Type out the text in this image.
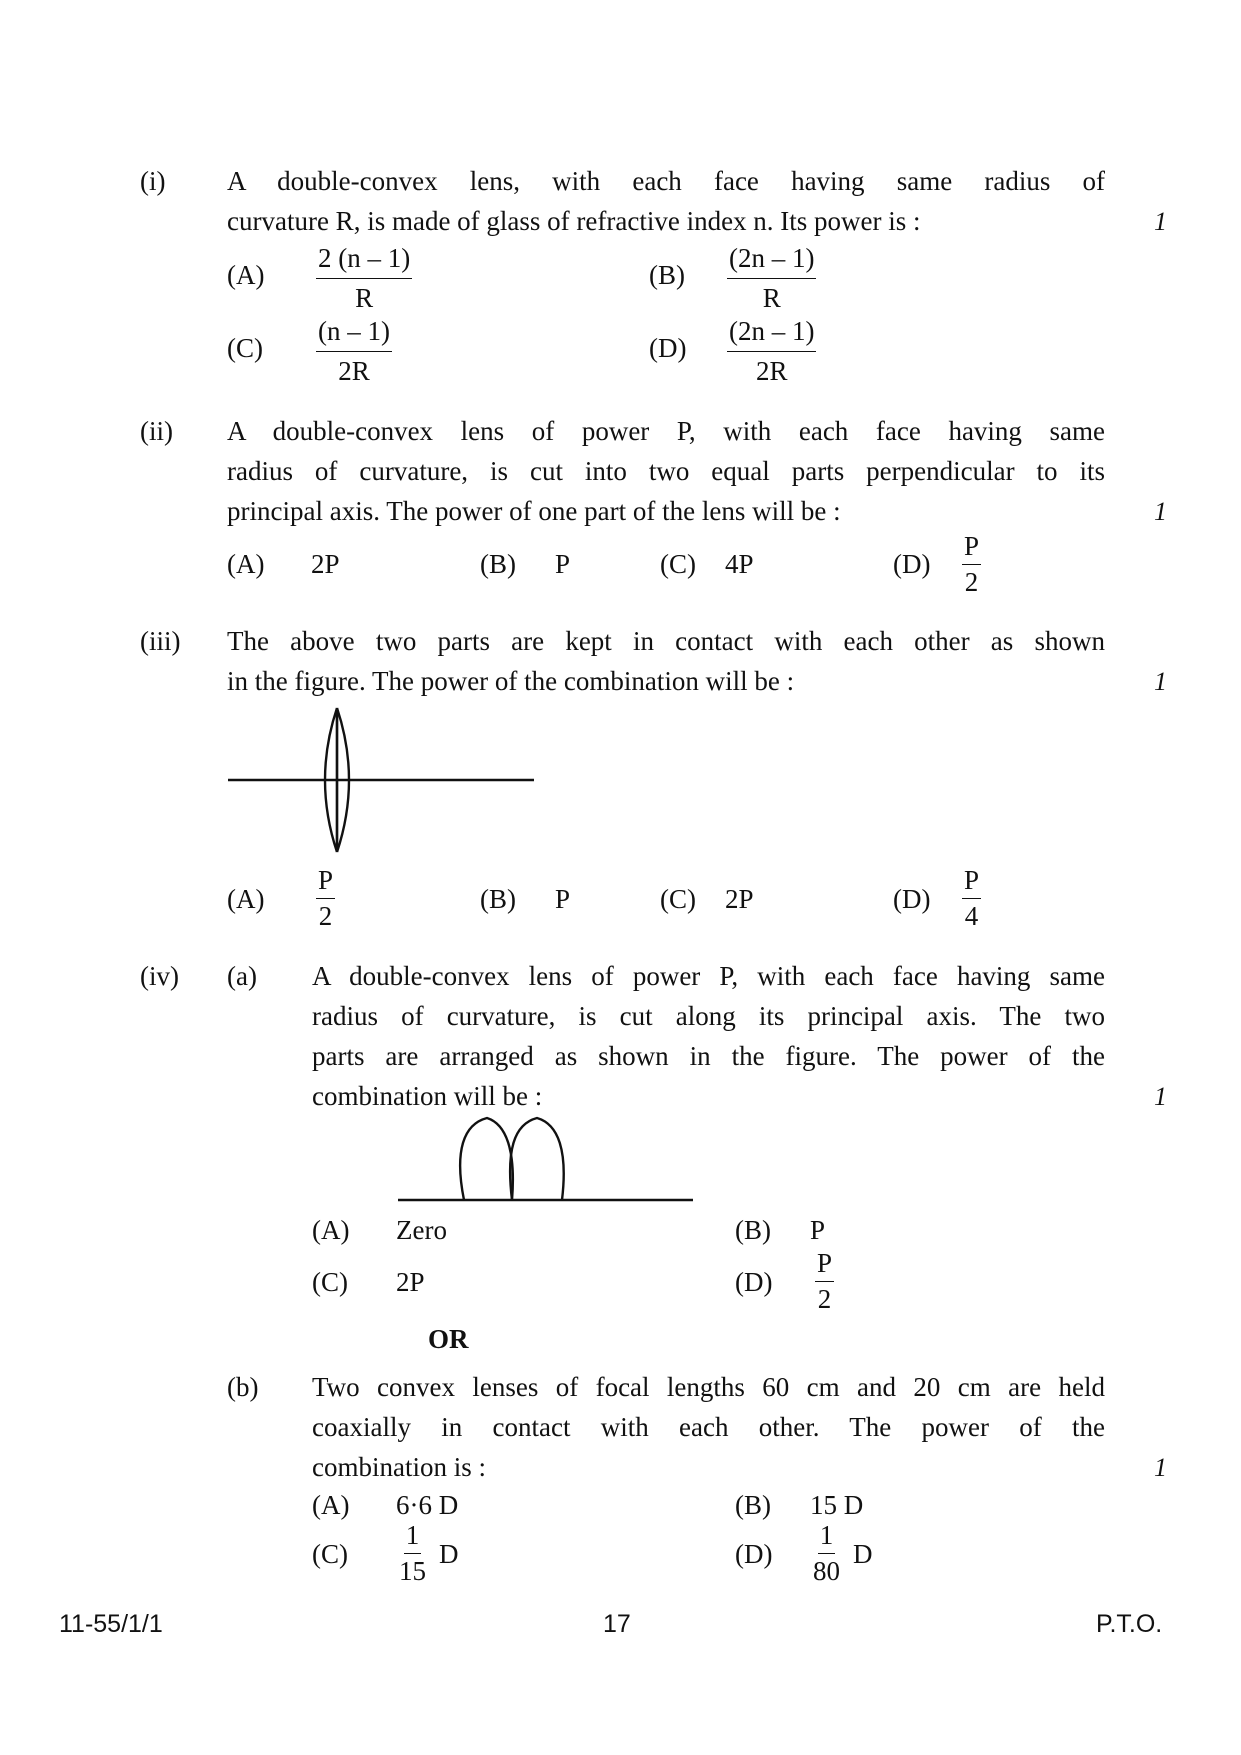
(i) A double-convex lens, with each face having same radius of
curvature R, is made of glass of refractive index n. Its power is :	1
$(A) \frac{2 (n - 1)}{R}$	$(B) \frac{(2n - 1)}{R}$
$(C) \frac{(n - 1)}{2R}$	$(D) \frac{(2n - 1)}{2R}$
(ii) A double-convex lens of power P, with each face having same
radius of curvature, is cut into two equal parts perpendicular to its
principal axis. The power of one part of the lens will be :	1
(A) 2P	(B) P	(C) 4P	$(D) \frac{P}{2}$
(iii) The above two parts are kept in contact with each other as shown
in the figure. The power of the combination will be :	1
$(A) \frac{P}{2}$	(B) P	(C) 2P	$(D) \frac{P}{4}$
(iv) (a) A double-convex lens of power P, with each face having same
radius of curvature, is cut along its principal axis. The two
parts are arranged as shown in the figure. The power of the
combination will be :	1
(A) Zero	(B) P
(C) 2P	$(D) \frac{P}{2}$
OR
(b) Two convex lenses of focal lengths 60 cm and 20 cm are held
coaxially in contact with each other. The power of the
combination is :	1
(A) 6·6 D	(B) 15 D
$(C) \frac{1}{15}$ D	$(D) \frac{1}{80}$ D
11-55/1/1	17	P.T.O.
